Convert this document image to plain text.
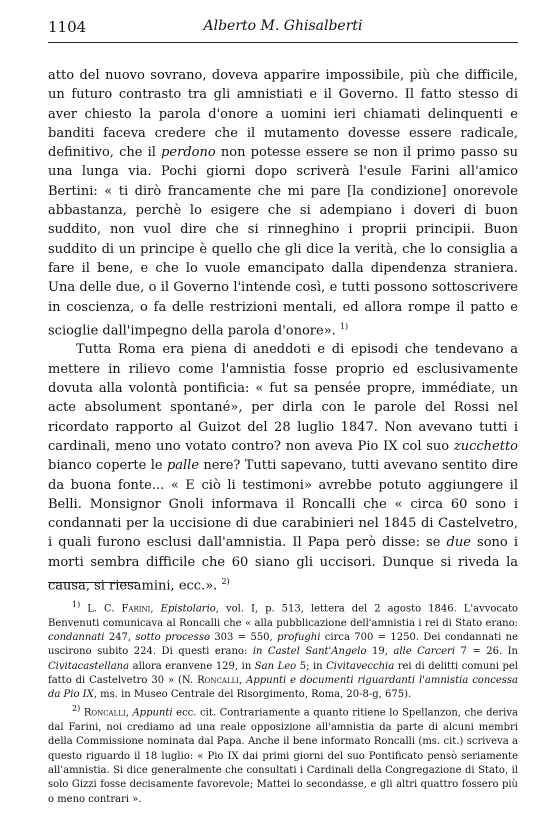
1104	Alberto M. Ghisalberti

atto del nuovo sovrano, doveva apparire impossibile, più che difficile, un futuro contrasto tra gli amnistiati e il Governo. Il fatto stesso di aver chiesto la parola d'onore a uomini ieri chiamati delinquenti e banditi faceva credere che il mutamento dovesse essere radicale, definitivo, che il perdono non potesse essere se non il primo passo su una lunga via. Pochi giorni dopo scriverà l'esule Farini all'amico Bertini: « ti dirò francamente che mi pare [la condizione] onorevole abbastanza, perchè lo esigere che si adempiano i doveri di buon suddito, non vuol dire che si rinneghino i proprii principii. Buon suddito di un principe è quello che gli dice la verità, che lo consiglia a fare il bene, e che lo vuole emancipato dalla dipendenza straniera. Una delle due, o il Governo l'intende così, e tutti possono sottoscrivere in coscienza, o fa delle restrizioni mentali, ed allora rompe il patto e scioglie dall'impegno della parola d'onore». $^{1)}$

Tutta Roma era piena di aneddoti e di episodi che tendevano a mettere in rilievo come l'amnistia fosse proprio ed esclusivamente dovuta alla volontà pontificia: « fut sa pensée propre, immédiate, un acte absolument spontané», per dirla con le parole del Rossi nel ricordato rapporto al Guizot del 28 luglio 1847. Non avevano tutti i cardinali, meno uno votato contro? non aveva Pio IX col suo zucchetto bianco coperte le palle nere? Tutti sapevano, tutti avevano sentito dire da buona fonte... « E ciò li testimoni» avrebbe potuto aggiungere il Belli. Monsignor Gnoli informava il Roncalli che « circa 60 sono i condannati per la uccisione di due carabinieri nel 1845 di Castelvetro, i quali furono esclusi dall'amnistia. Il Papa però disse: se due sono i morti sembra difficile che 60 siano gli uccisori. Dunque si riveda la causa, si riesamini, ecc.». $^{2)}$

$^{1)}$ L. C. Farini, Epistolario, vol. I, p. 513, lettera del 2 agosto 1846. L'avvocato Benvenuti comunicava al Roncalli che « alla pubblicazione dell'amnistia i rei di Stato erano: condannati 247, sotto processo 303 = 550, profughi circa 700 = 1250. Dei condannati ne uscirono subito 224. Di questi erano: in Castel Sant'Angelo 19, alle Carceri 7 = 26. In Civitacastellana allora eranvene 129, in San Leo 5; in Civitavecchia rei di delitti comuni pel fatto di Castelvetro 30 » (N. Roncalli, Appunti e documenti riguardanti l'amnistia concessa da Pio IX, ms. in Museo Centrale del Risorgimento, Roma, 20-8-g, 675).

$^{2)}$ Roncalli, Appunti ecc. cit. Contrariamente a quanto ritiene lo Spellanzon, che deriva dal Farini, noi crediamo ad una reale opposizione all'amnistia da parte di alcuni membri della Commissione nominata dal Papa. Anche il bene informato Roncalli (ms. cit.) scriveva a questo riguardo il 18 luglio: « Pio IX dai primi giorni del suo Pontificato pensò seriamente all'amnistia. Si dice generalmente che consultati i Cardinali della Congregazione di Stato, il solo Gizzi fosse decisamente favorevole; Mattei lo secondasse, e gli altri quattro fossero più o meno contrari ».
